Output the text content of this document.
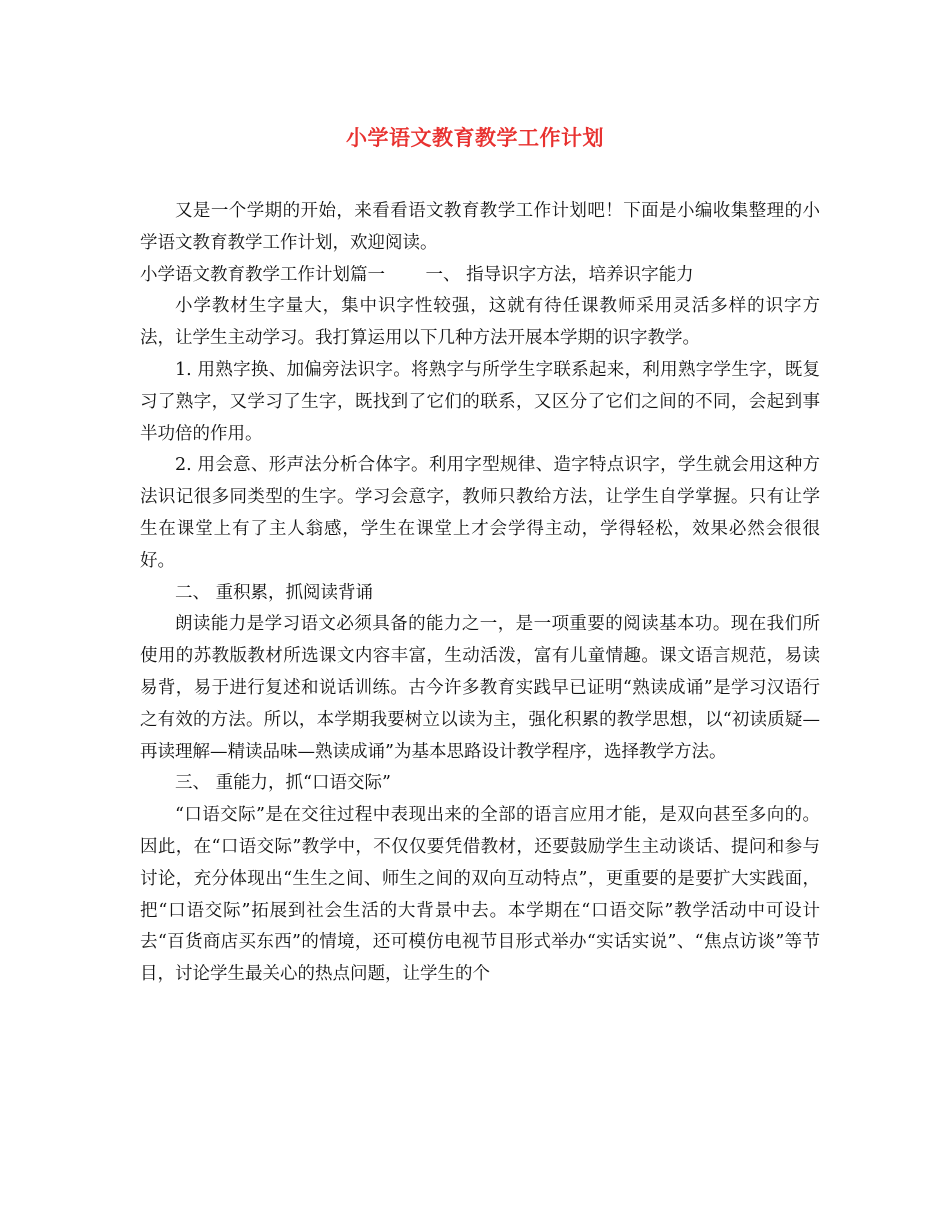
小学语文教育教学工作计划

又是一个学期的开始，来看看语文教育教学工作计划吧！下面是小编收集整理的小学语文教育教学工作计划，欢迎阅读。

小学语文教育教学工作计划篇一　　 一、 指导识字方法，培养识字能力

小学教材生字量大，集中识字性较强，这就有待任课教师采用灵活多样的识字方法，让学生主动学习。我打算运用以下几种方法开展本学期的识字教学。

1. 用熟字换、加偏旁法识字。将熟字与所学生字联系起来，利用熟字学生字，既复习了熟字，又学习了生字，既找到了它们的联系，又区分了它们之间的不同，会起到事半功倍的作用。

2. 用会意、形声法分析合体字。利用字型规律、造字特点识字，学生就会用这种方法识记很多同类型的生字。学习会意字，教师只教给方法，让学生自学掌握。只有让学生在课堂上有了主人翁感，学生在课堂上才会学得主动，学得轻松，效果必然会很很好。

二、 重积累，抓阅读背诵

朗读能力是学习语文必须具备的能力之一，是一项重要的阅读基本功。现在我们所使用的苏教版教材所选课文内容丰富，生动活泼，富有儿童情趣。课文语言规范，易读易背，易于进行复述和说话训练。古今许多教育实践早已证明“熟读成诵”是学习汉语行之有效的方法。所以，本学期我要树立以读为主，强化积累的教学思想，以“初读质疑—再读理解—精读品味—熟读成诵”为基本思路设计教学程序，选择教学方法。

三、 重能力，抓“口语交际”

“口语交际”是在交往过程中表现出来的全部的语言应用才能，是双向甚至多向的。因此，在“口语交际”教学中，不仅仅要凭借教材，还要鼓励学生主动谈话、提问和参与讨论，充分体现出“生生之间、师生之间的双向互动特点”，更重要的是要扩大实践面，把“口语交际”拓展到社会生活的大背景中去。本学期在“口语交际”教学活动中可设计去“百货商店买东西”的情境，还可模仿电视节目形式举办“实话实说”、“焦点访谈”等节目，讨论学生最关心的热点问题，让学生的个
